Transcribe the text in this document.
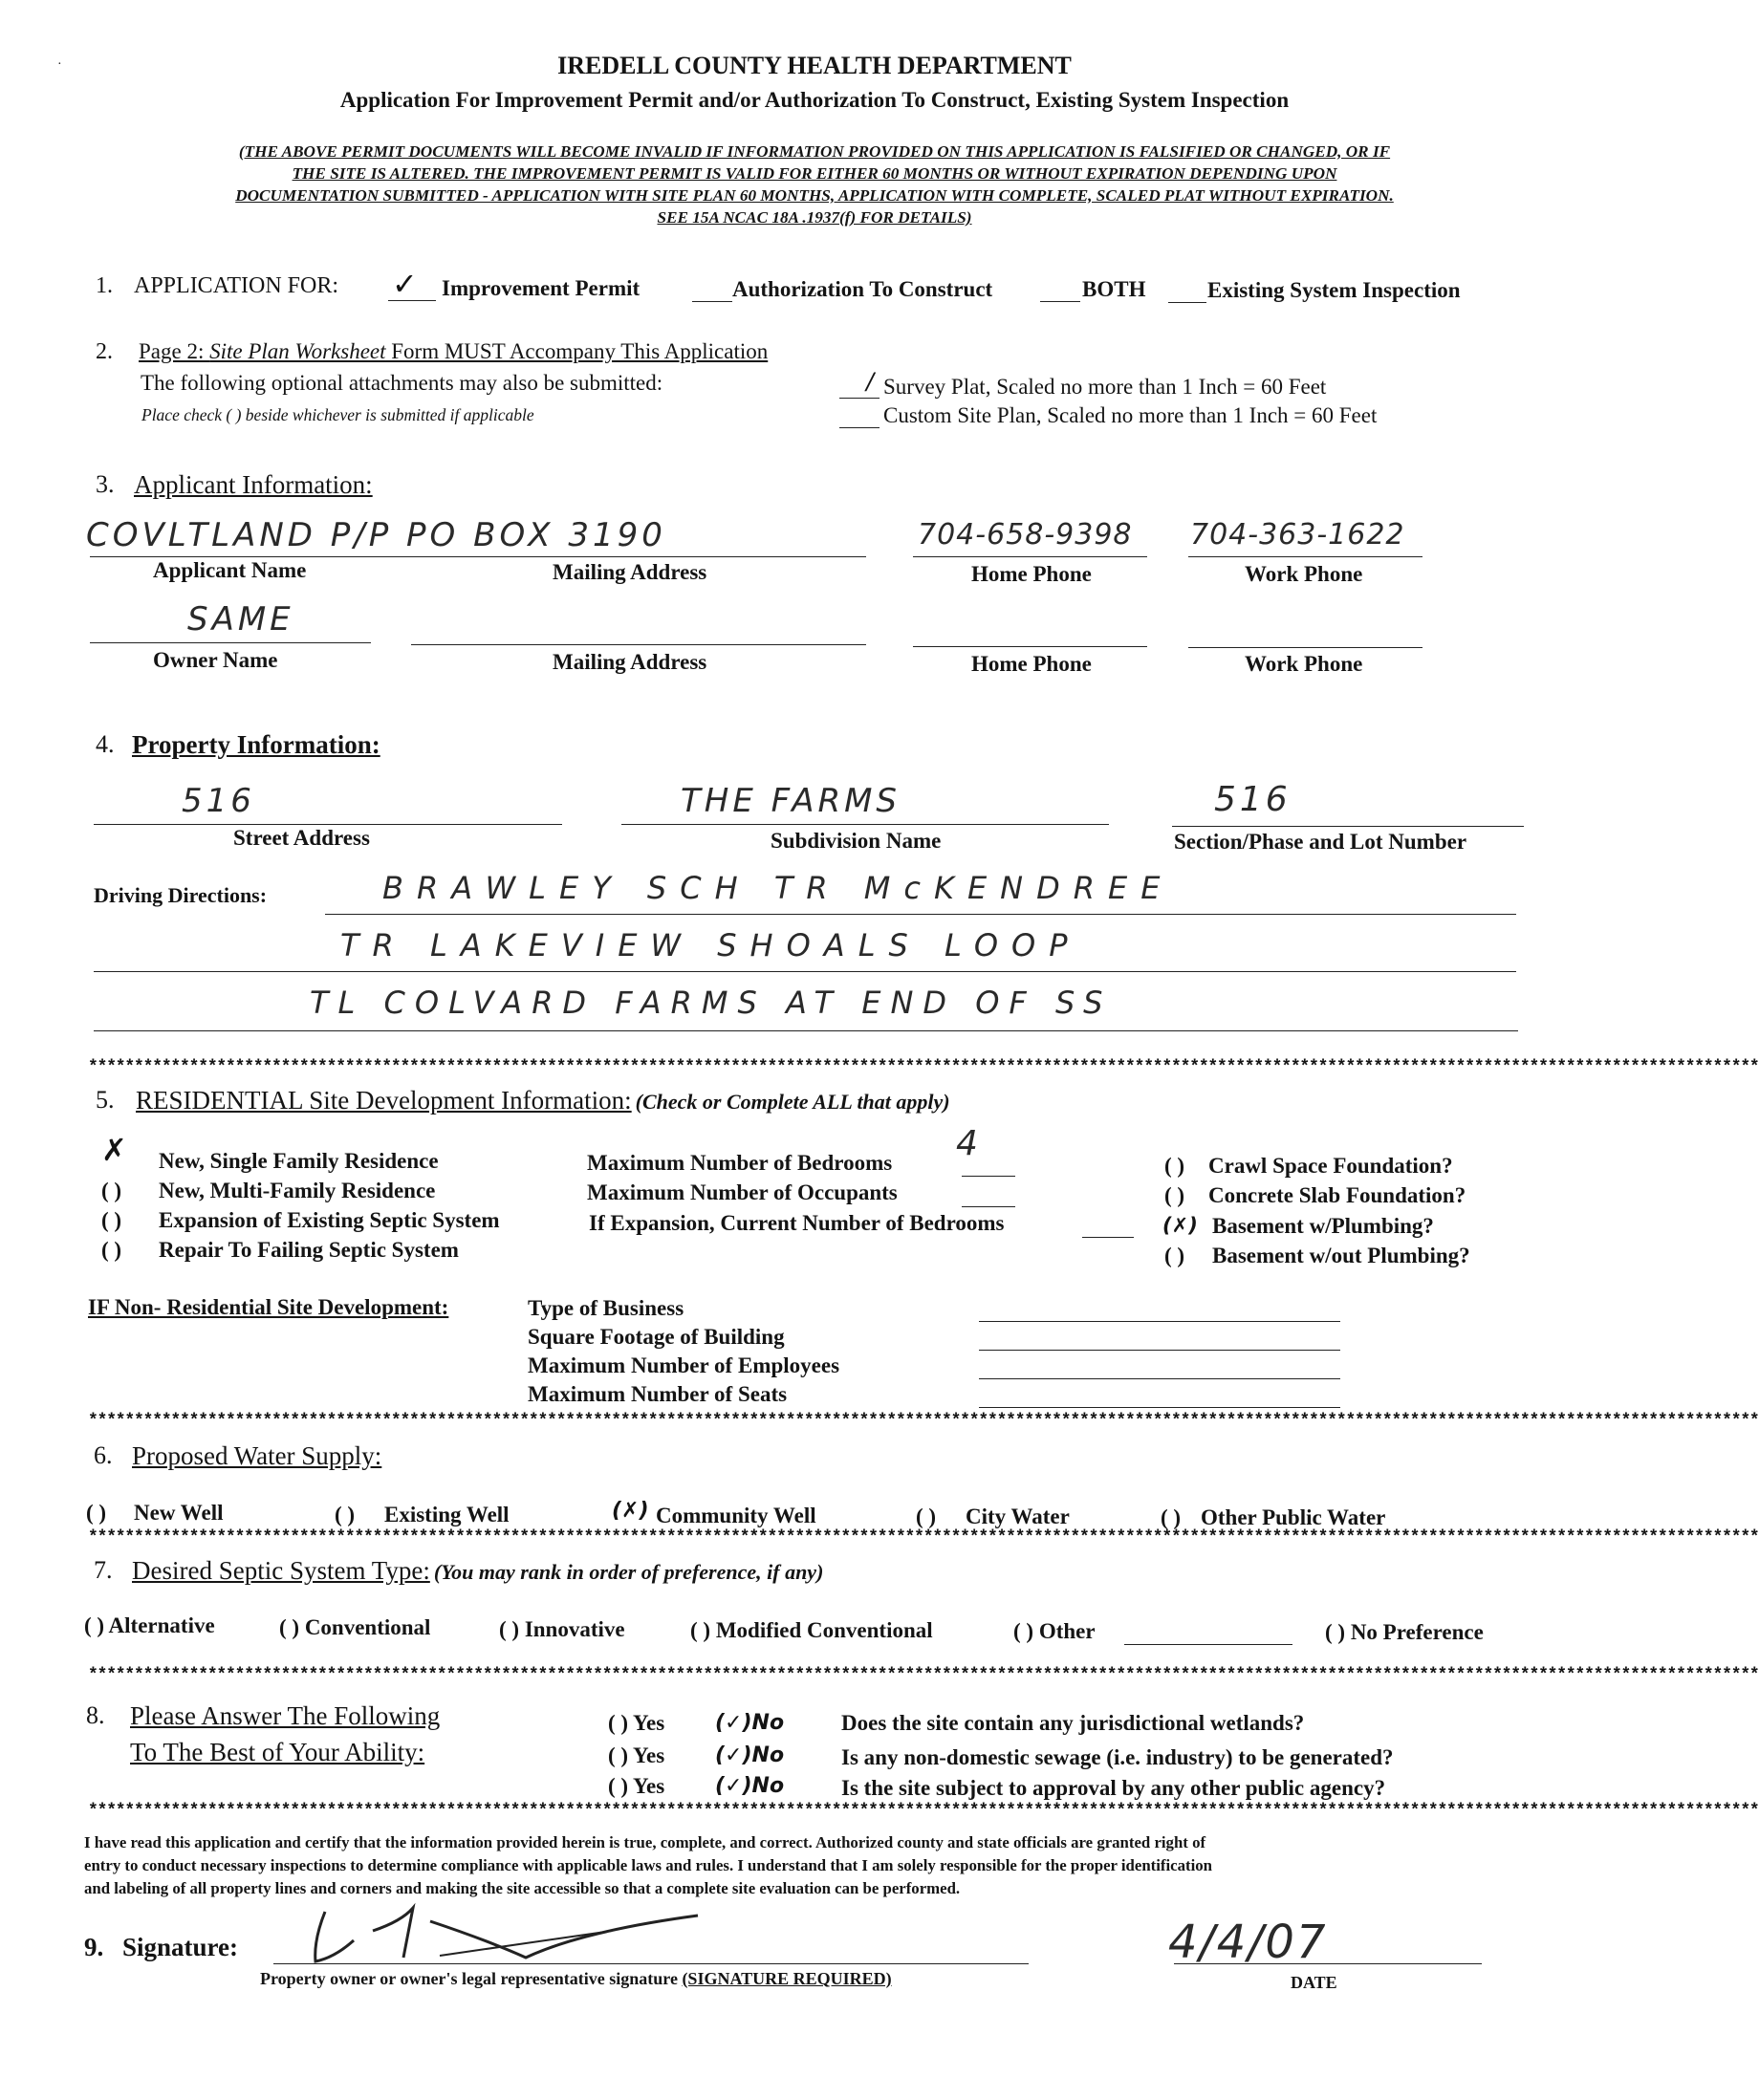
IREDELL COUNTY HEALTH DEPARTMENT
Application For Improvement Permit and/or Authorization To Construct, Existing System Inspection
·
(THE ABOVE PERMIT DOCUMENTS WILL BECOME INVALID IF INFORMATION PROVIDED ON THIS APPLICATION IS FALSIFIED OR CHANGED, OR IF
THE SITE IS ALTERED. THE IMPROVEMENT PERMIT IS VALID FOR EITHER 60 MONTHS OR WITHOUT EXPIRATION DEPENDING UPON
DOCUMENTATION SUBMITTED - APPLICATION WITH SITE PLAN 60 MONTHS, APPLICATION WITH COMPLETE, SCALED PLAT WITHOUT EXPIRATION.
SEE 15A NCAC 18A .1937(f) FOR DETAILS)
1. APPLICATION FOR: ✓ Improvement Permit	Authorization To Construct	BOTH	Existing System Inspection
2. Page 2: Site Plan Worksheet Form MUST Accompany This Application
The following optional attachments may also be submitted:
Place check ( ) beside whichever is submitted if applicable
/ Survey Plat, Scaled no more than 1 Inch = 60 Feet
Custom Site Plan, Scaled no more than 1 Inch = 60 Feet
3. Applicant Information:
COVLTLAND P/P PO BOX 3190	704-658-9398 704-363-1622
Applicant Name	Mailing Address	Home Phone	Work Phone
SAME
Owner Name	Mailing Address	Home Phone	Work Phone
4. Property Information:
516	THE FARMS	516
Street Address	Subdivision Name	Section/Phase and Lot Number
Driving Directions:	BRAWLEY SCH TR McKENDREE
TR LAKEVIEW SHOALS LOOP
TL COLVARD FARMS AT END OF SS
**************************************************************************************************************************************************************************************
5. RESIDENTIAL Site Development Information: (Check or Complete ALL that apply)
✗ New, Single Family Residence
( ) New, Multi-Family Residence
( ) Expansion of Existing Septic System
( ) Repair To Failing Septic System
Maximum Number of Bedrooms 4
Maximum Number of Occupants
If Expansion, Current Number of Bedrooms
( ) Crawl Space Foundation?
( ) Concrete Slab Foundation?
(✗) Basement w/Plumbing?
( ) Basement w/out Plumbing?
IF Non- Residential Site Development:	Type of Business
Square Footage of Building
Maximum Number of Employees
Maximum Number of Seats
**************************************************************************************************************************************************************************************
6. Proposed Water Supply:
( ) New Well	( ) Existing Well	(✗) Community Well	( ) City Water	( ) Other Public Water
**************************************************************************************************************************************************************************************
7. Desired Septic System Type: (You may rank in order of preference, if any)
( ) Alternative	( ) Conventional	( ) Innovative	( ) Modified Conventional	( ) Other	( ) No Preference
**************************************************************************************************************************************************************************************
8. Please Answer The Following
To The Best of Your Ability:
( ) Yes (✓)No	Does the site contain any jurisdictional wetlands?
( ) Yes (✓)No	Is any non-domestic sewage (i.e. industry) to be generated?
( ) Yes (✓)No	Is the site subject to approval by any other public agency?
**************************************************************************************************************************************************************************************
I have read this application and certify that the information provided herein is true, complete, and correct. Authorized county and state officials are granted right of
entry to conduct necessary inspections to determine compliance with applicable laws and rules. I understand that I am solely responsible for the proper identification
and labeling of all property lines and corners and making the site accessible so that a complete site evaluation can be performed.
9. Signature:
Property owner or owner's legal representative signature (SIGNATURE REQUIRED)
4/4/07
DATE
